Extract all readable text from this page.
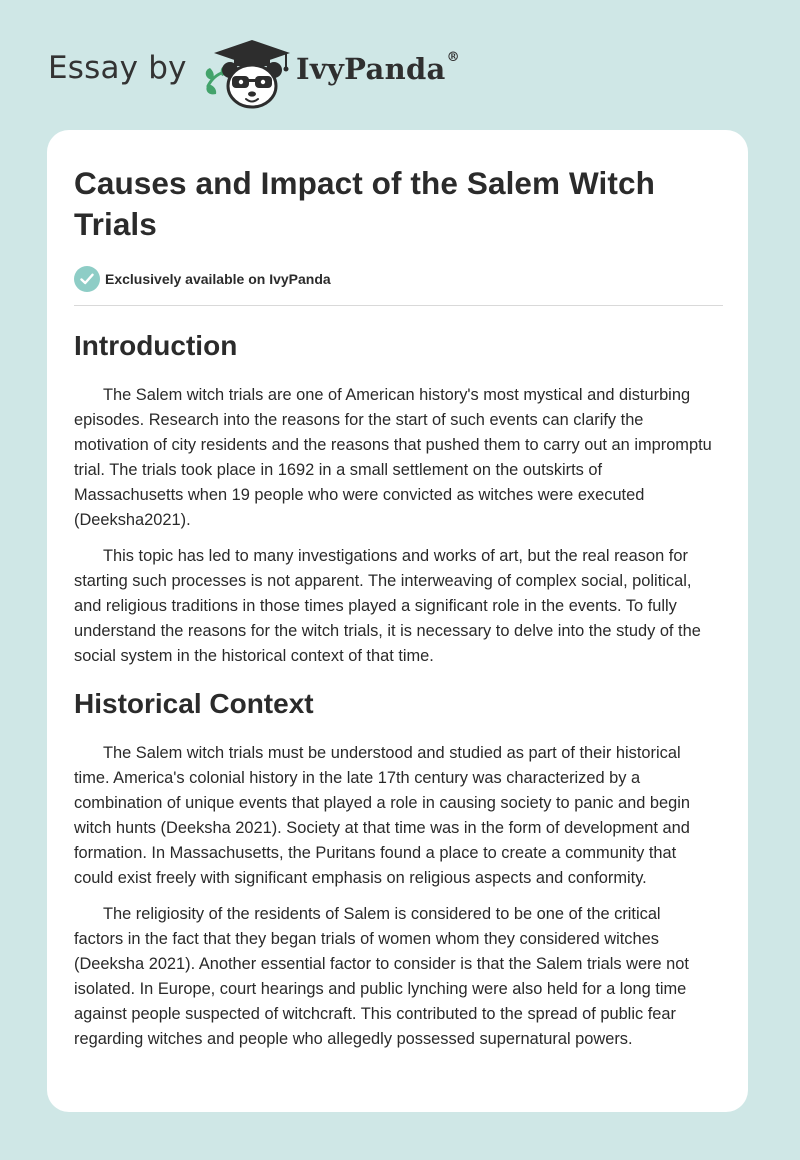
Essay by	IvyPanda®
Causes and Impact of the Salem Witch
Trials
Exclusively available on IvyPanda
Introduction

The Salem witch trials are one of American history's most mystical and disturbing
episodes. Research into the reasons for the start of such events can clarify the
motivation of city residents and the reasons that pushed them to carry out an impromptu
trial. The trials took place in 1692 in a small settlement on the outskirts of
Massachusetts when 19 people who were convicted as witches were executed
(Deeksha2021).

This topic has led to many investigations and works of art, but the real reason for
starting such processes is not apparent. The interweaving of complex social, political,
and religious traditions in those times played a significant role in the events. To fully
understand the reasons for the witch trials, it is necessary to delve into the study of the
social system in the historical context of that time.

Historical Context

The Salem witch trials must be understood and studied as part of their historical
time. America's colonial history in the late 17th century was characterized by a
combination of unique events that played a role in causing society to panic and begin
witch hunts (Deeksha 2021). Society at that time was in the form of development and
formation. In Massachusetts, the Puritans found a place to create a community that
could exist freely with significant emphasis on religious aspects and conformity.

The religiosity of the residents of Salem is considered to be one of the critical
factors in the fact that they began trials of women whom they considered witches
(Deeksha 2021). Another essential factor to consider is that the Salem trials were not
isolated. In Europe, court hearings and public lynching were also held for a long time
against people suspected of witchcraft. This contributed to the spread of public fear
regarding witches and people who allegedly possessed supernatural powers.
